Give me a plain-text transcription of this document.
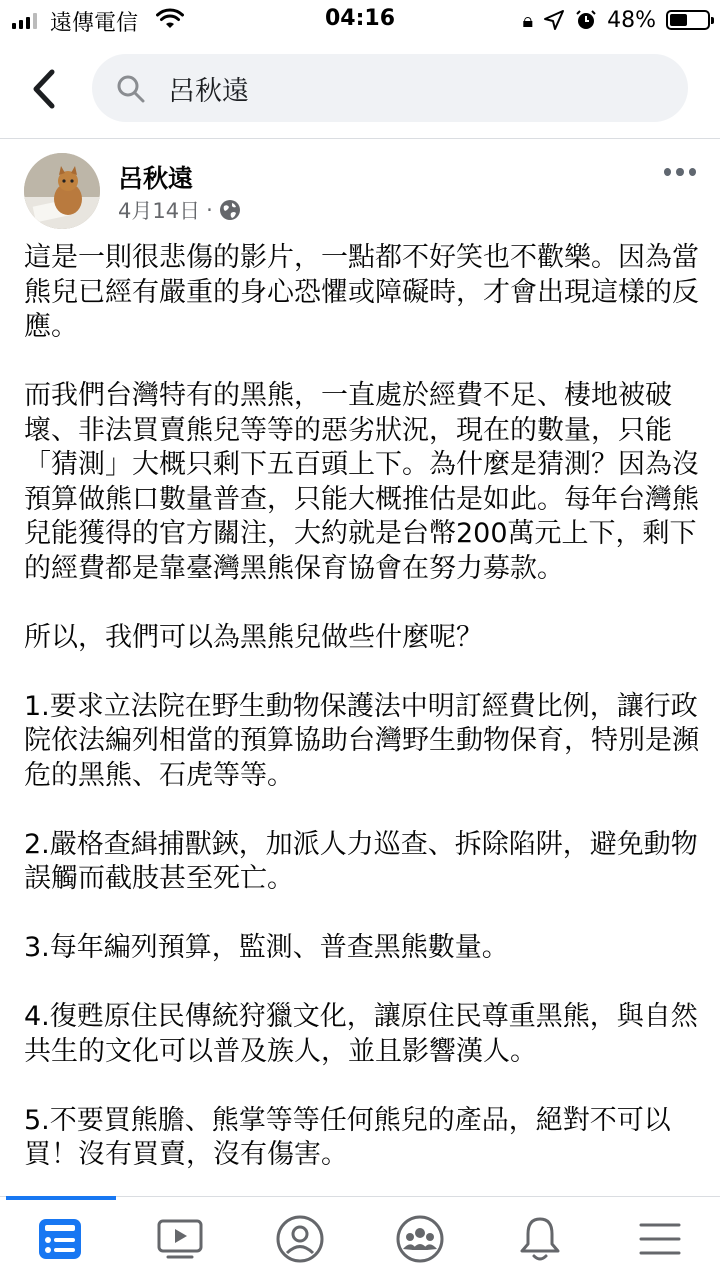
遠傳電信	04:16	🔒︎	48%
呂秋遠
呂秋遠
4月14日 ·

這是一則很悲傷的影片，一點都不好笑也不歡樂。因為當熊兒已經有嚴重的身心恐懼或障礙時，才會出現這樣的反應。

而我們台灣特有的黑熊，一直處於經費不足、棲地被破壞、非法買賣熊兒等等的惡劣狀況，現在的數量，只能「猜測」大概只剩下五百頭上下。為什麼是猜測？因為沒預算做熊口數量普查，只能大概推估是如此。每年台灣熊兒能獲得的官方關注，大約就是台幣200萬元上下，剩下的經費都是靠臺灣黑熊保育協會在努力募款。

所以，我們可以為黑熊兒做些什麼呢？

1.要求立法院在野生動物保護法中明訂經費比例，讓行政院依法編列相當的預算協助台灣野生動物保育，特別是瀕危的黑熊、石虎等等。

2.嚴格查緝捕獸鋏，加派人力巡查、拆除陷阱，避免動物誤觸而截肢甚至死亡。

3.每年編列預算，監測、普查黑熊數量。

4.復甦原住民傳統狩獵文化，讓原住民尊重黑熊，與自然共生的文化可以普及族人，並且影響漢人。

5.不要買熊膽、熊掌等等任何熊兒的產品，絕對不可以買！沒有買賣，沒有傷害。
